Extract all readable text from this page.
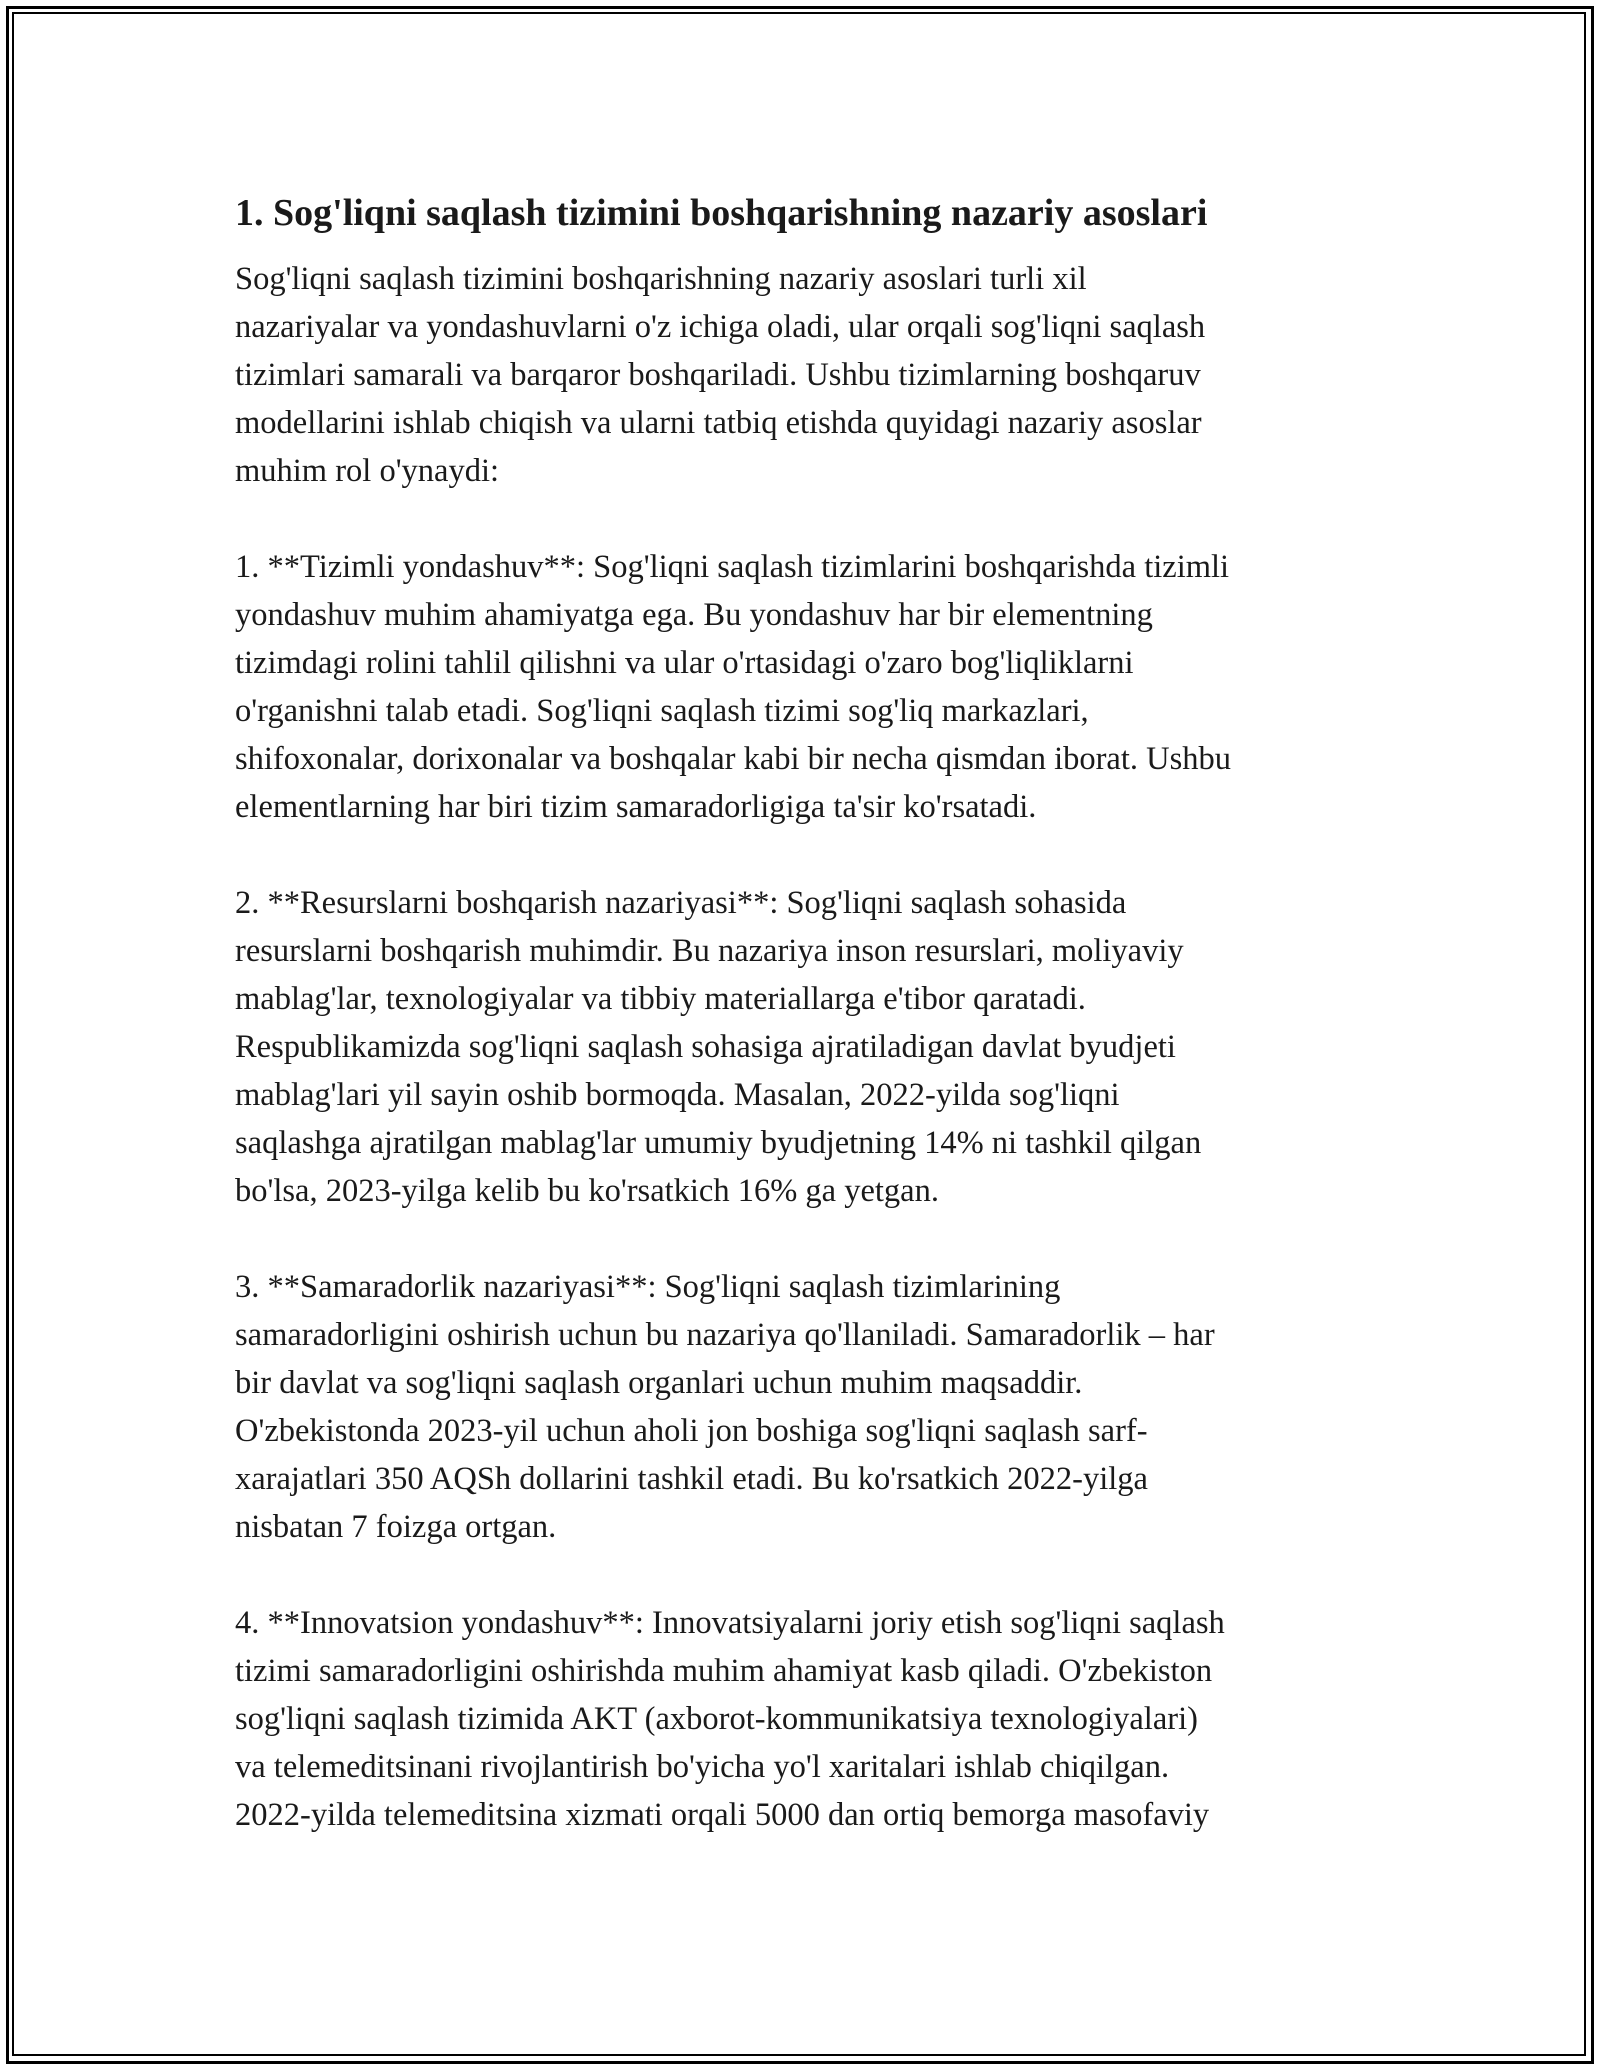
1. Sog'liqni saqlash tizimini boshqarishning nazariy asoslari

Sog'liqni saqlash tizimini boshqarishning nazariy asoslari turli xil
nazariyalar va yondashuvlarni o'z ichiga oladi, ular orqali sog'liqni saqlash
tizimlari samarali va barqaror boshqariladi. Ushbu tizimlarning boshqaruv
modellarini ishlab chiqish va ularni tatbiq etishda quyidagi nazariy asoslar
muhim rol o'ynaydi:

1. **Tizimli yondashuv**: Sog'liqni saqlash tizimlarini boshqarishda tizimli
yondashuv muhim ahamiyatga ega. Bu yondashuv har bir elementning
tizimdagi rolini tahlil qilishni va ular o'rtasidagi o'zaro bog'liqliklarni
o'rganishni talab etadi. Sog'liqni saqlash tizimi sog'liq markazlari,
shifoxonalar, dorixonalar va boshqalar kabi bir necha qismdan iborat. Ushbu
elementlarning har biri tizim samaradorligiga ta'sir ko'rsatadi.

2. **Resurslarni boshqarish nazariyasi**: Sog'liqni saqlash sohasida
resurslarni boshqarish muhimdir. Bu nazariya inson resurslari, moliyaviy
mablag'lar, texnologiyalar va tibbiy materiallarga e'tibor qaratadi.
Respublikamizda sog'liqni saqlash sohasiga ajratiladigan davlat byudjeti
mablag'lari yil sayin oshib bormoqda. Masalan, 2022-yilda sog'liqni
saqlashga ajratilgan mablag'lar umumiy byudjetning 14% ni tashkil qilgan
bo'lsa, 2023-yilga kelib bu ko'rsatkich 16% ga yetgan.

3. **Samaradorlik nazariyasi**: Sog'liqni saqlash tizimlarining
samaradorligini oshirish uchun bu nazariya qo'llaniladi. Samaradorlik – har
bir davlat va sog'liqni saqlash organlari uchun muhim maqsaddir.
O'zbekistonda 2023-yil uchun aholi jon boshiga sog'liqni saqlash sarf-
xarajatlari 350 AQSh dollarini tashkil etadi. Bu ko'rsatkich 2022-yilga
nisbatan 7 foizga ortgan.

4. **Innovatsion yondashuv**: Innovatsiyalarni joriy etish sog'liqni saqlash
tizimi samaradorligini oshirishda muhim ahamiyat kasb qiladi. O'zbekiston
sog'liqni saqlash tizimida AKT (axborot-kommunikatsiya texnologiyalari)
va telemeditsinani rivojlantirish bo'yicha yo'l xaritalari ishlab chiqilgan.
2022-yilda telemeditsina xizmati orqali 5000 dan ortiq bemorga masofaviy
